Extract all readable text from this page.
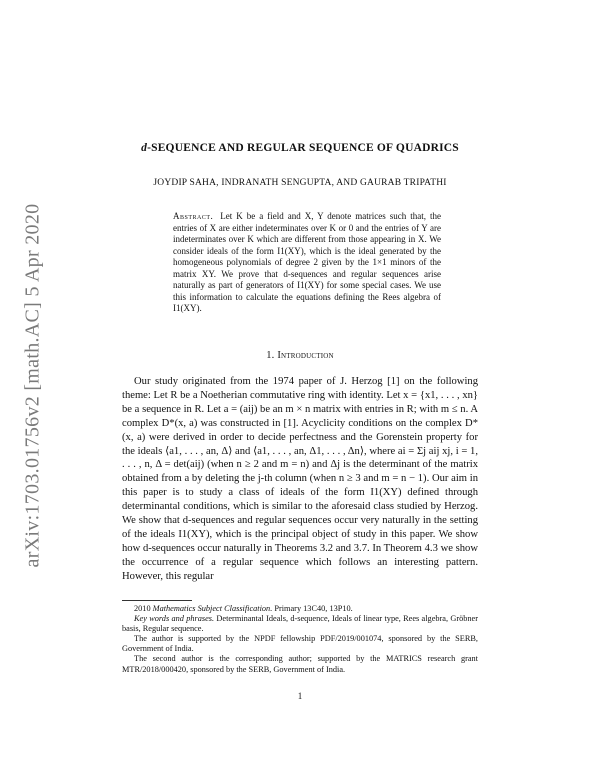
arXiv:1703.01756v2 [math.AC] 5 Apr 2020
d-SEQUENCE AND REGULAR SEQUENCE OF QUADRICS
JOYDIP SAHA, INDRANATH SENGUPTA, AND GAURAB TRIPATHI
Abstract. Let K be a field and X, Y denote matrices such that, the entries of X are either indeterminates over K or 0 and the entries of Y are indeterminates over K which are different from those appearing in X. We consider ideals of the form I1(XY), which is the ideal generated by the homogeneous polynomials of degree 2 given by the 1×1 minors of the matrix XY. We prove that d-sequences and regular sequences arise naturally as part of generators of I1(XY) for some special cases. We use this information to calculate the equations defining the Rees algebra of I1(XY).
1. Introduction

Our study originated from the 1974 paper of J. Herzog [1] on the following theme: Let R be a Noetherian commutative ring with identity. Let x = {x1, . . . , xn} be a sequence in R. Let a = (aij) be an m × n matrix with entries in R; with m ≤ n. A complex D*(x, a) was constructed in [1]. Acyclicity conditions on the complex D*(x, a) were derived in order to decide perfectness and the Gorenstein property for the ideals ⟨a1, . . . , an, Δ⟩ and ⟨a1, . . . , an, Δ1, . . . , Δn⟩, where ai = Σj aij xj, i = 1, . . . , n, Δ = det(aij) (when n ≥ 2 and m = n) and Δj is the determinant of the matrix obtained from a by deleting the j-th column (when n ≥ 3 and m = n − 1). Our aim in this paper is to study a class of ideals of the form I1(XY) defined through determinantal conditions, which is similar to the aforesaid class studied by Herzog. We show that d-sequences and regular sequences occur very naturally in the setting of the ideals I1(XY), which is the principal object of study in this paper. We show how d-sequences occur naturally in Theorems 3.2 and 3.7. In Theorem 4.3 we show the occurrence of a regular sequence which follows an interesting pattern. However, this regular

2010 Mathematics Subject Classification. Primary 13C40, 13P10.

Key words and phrases. Determinantal Ideals, d-sequence, Ideals of linear type, Rees algebra, Gröbner basis, Regular sequence.

The author is supported by the NPDF fellowship PDF/2019/001074, sponsored by the SERB, Government of India.

The second author is the corresponding author; supported by the MATRICS research grant MTR/2018/000420, sponsored by the SERB, Government of India.

1
